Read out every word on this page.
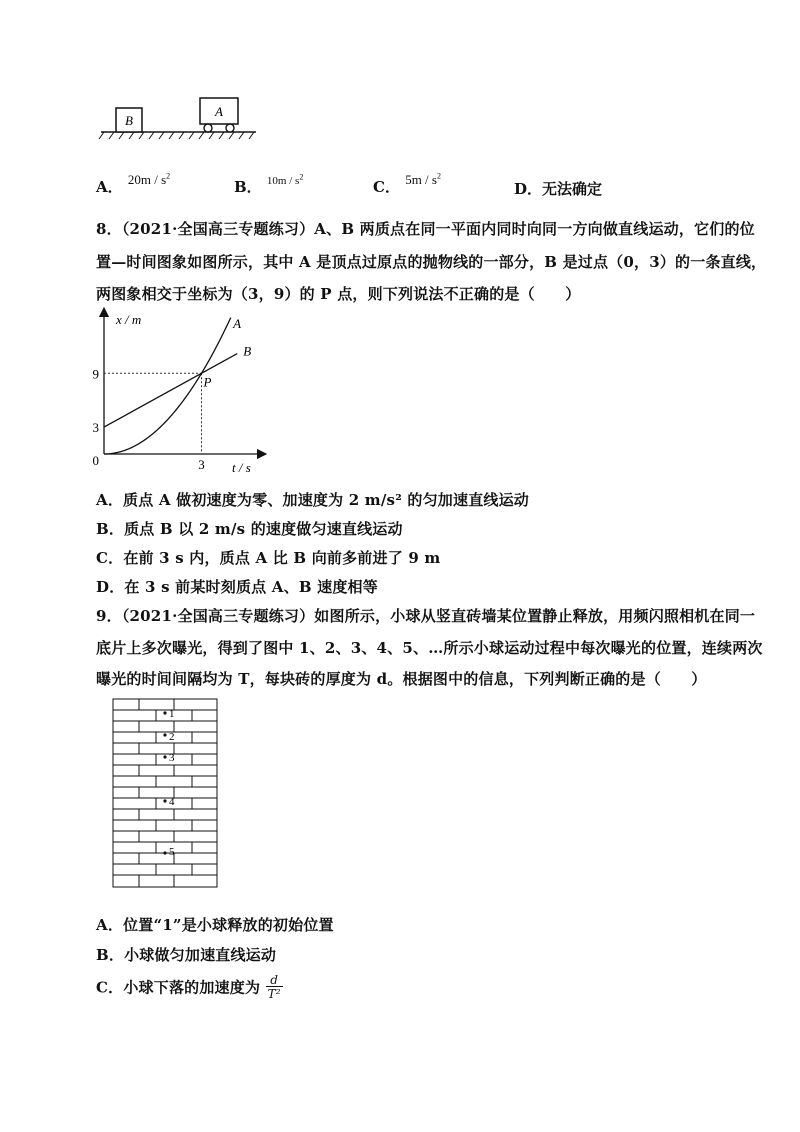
B
A
A． $20m / s^2$
B． $^{10m / s^2}$
C． $5m / s^2$
D．无法确定
8．（2021·全国高三专题练习）A、B 两质点在同一平面内同时向同一方向做直线运动，它们的位
置—时间图象如图所示，其中 A 是顶点过原点的抛物线的一部分，B 是过点（0，3）的一条直线，
两图象相交于坐标为（3，9）的 P 点，则下列说法不正确的是（　　）
x / m
t / s
9
3
0	3
A
B
P
A．质点 A 做初速度为零、加速度为 2 m/s² 的匀加速直线运动
B．质点 B 以 2 m/s 的速度做匀速直线运动
C．在前 3 s 内，质点 A 比 B 向前多前进了 9 m
D．在 3 s 前某时刻质点 A、B 速度相等
9．（2021·全国高三专题练习）如图所示，小球从竖直砖墙某位置静止释放，用频闪照相机在同一
底片上多次曝光，得到了图中 1、2、3、4、5、…所示小球运动过程中每次曝光的位置，连续两次
曝光的时间间隔均为 T，每块砖的厚度为 d。根据图中的信息，下列判断正确的是（　　）
1
2
3
4
5
A．位置“1”是小球释放的初始位置
B．小球做匀加速直线运动
C．小球下落的加速度为 $\frac{d}{\text{T²}}$
